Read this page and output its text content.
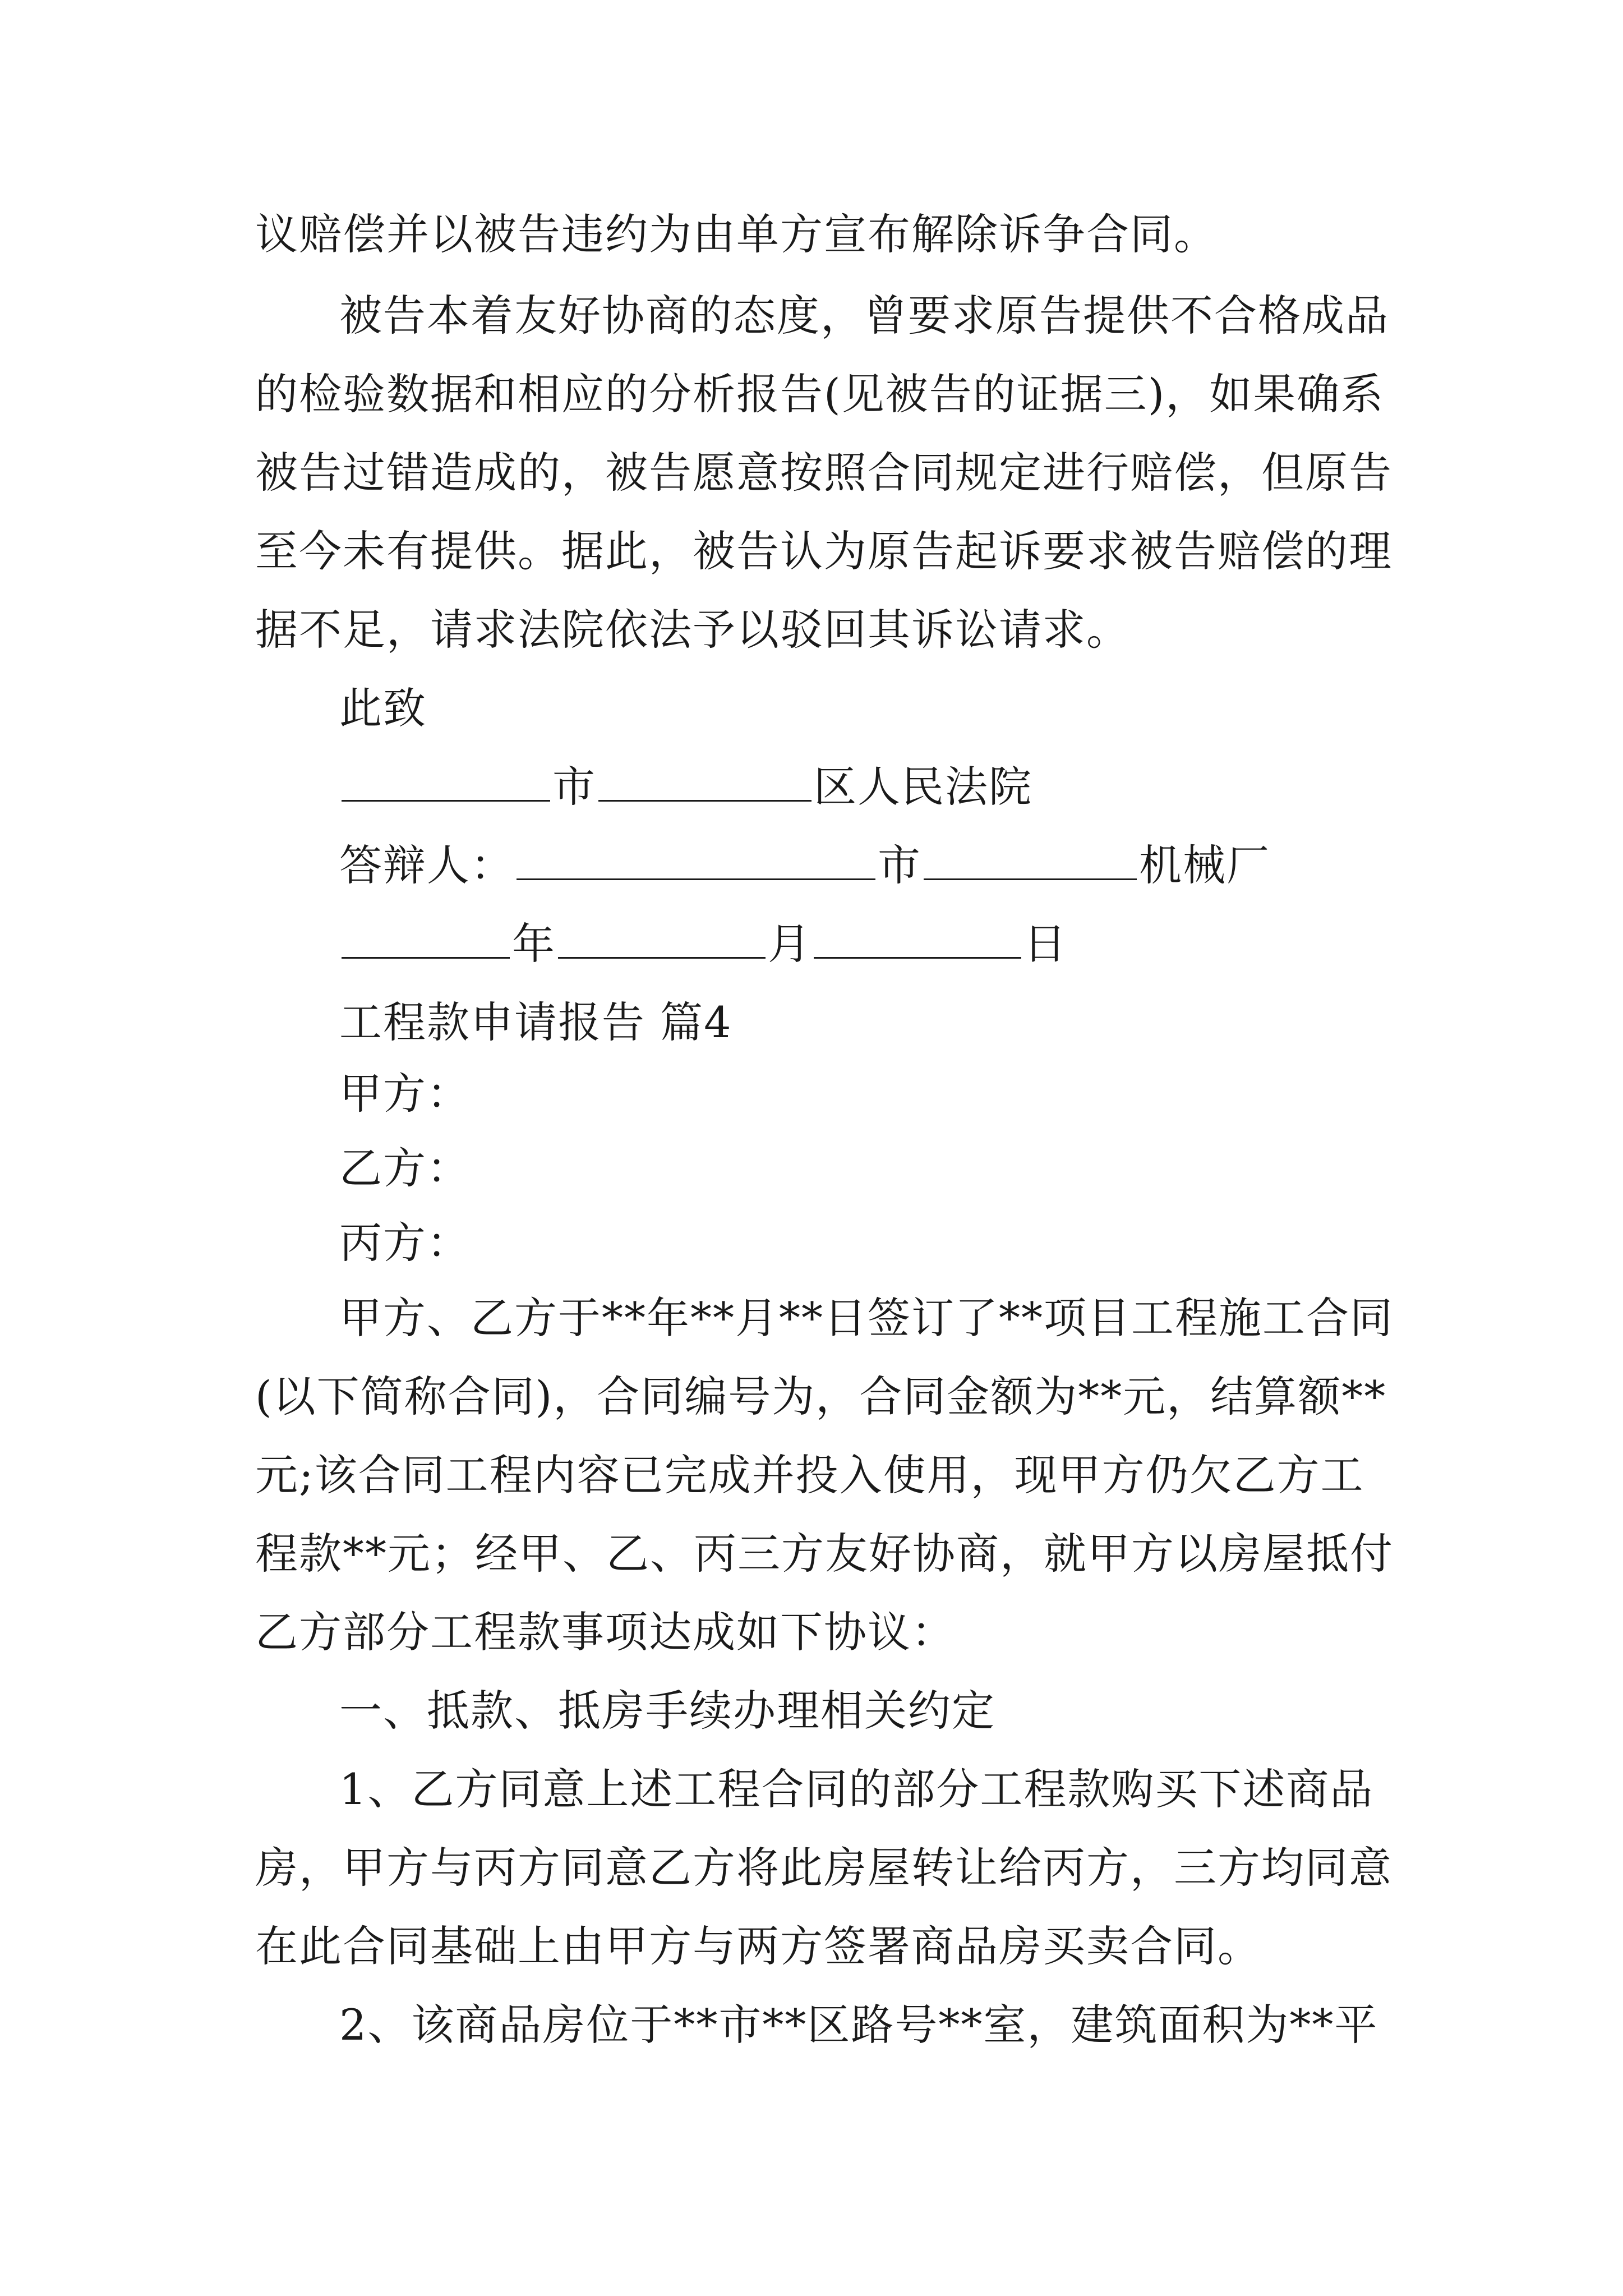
议赔偿并以被告违约为由单方宣布解除诉争合同。
被告本着友好协商的态度，曾要求原告提供不合格成品
的检验数据和相应的分析报告(见被告的证据三)，如果确系
被告过错造成的，被告愿意按照合同规定进行赔偿，但原告
至今未有提供。据此，被告认为原告起诉要求被告赔偿的理
据不足，请求法院依法予以驳回其诉讼请求。
此致
市	区人民法院
答辩人：	市	机械厂
年	月	日
工程款申请报告 篇4
甲方：
乙方：
丙方：
甲方、乙方于**年**月**日签订了**项目工程施工合同
(以下简称合同)，合同编号为，合同金额为**元，结算额**
元;该合同工程内容已完成并投入使用，现甲方仍欠乙方工
程款**元；经甲、乙、丙三方友好协商，就甲方以房屋抵付
乙方部分工程款事项达成如下协议：
一、抵款、抵房手续办理相关约定
1、乙方同意上述工程合同的部分工程款购买下述商品
房，甲方与丙方同意乙方将此房屋转让给丙方，三方均同意
在此合同基础上由甲方与两方签署商品房买卖合同。
2、该商品房位于**市**区路号**室，建筑面积为**平
